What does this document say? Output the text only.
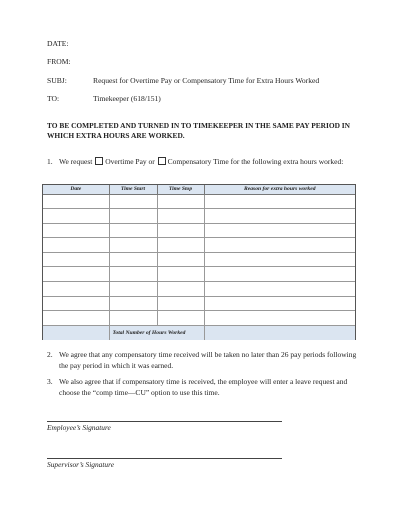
DATE:
FROM:
SUBJ:	Request for Overtime Pay or Compensatory Time for Extra Hours Worked
TO:	Timekeeper (618/151)
TO BE COMPLETED AND TURNED IN TO TIMEKEEPER IN THE SAME PAY PERIOD IN WHICH EXTRA HOURS ARE WORKED.
1. We request Overtime Pay or Compensatory Time for the following extra hours worked:
Date	Time Start	Time Stop	Reason for extra hours worked

	Total Number of Hours Worked		
2. We agree that any compensatory time received will be taken no later than 26 pay periods following the pay period in which it was earned.
3. We also agree that if compensatory time is received, the employee will enter a leave request and choose the “comp time—CU” option to use this time.
Employee’s Signature
Supervisor’s Signature
